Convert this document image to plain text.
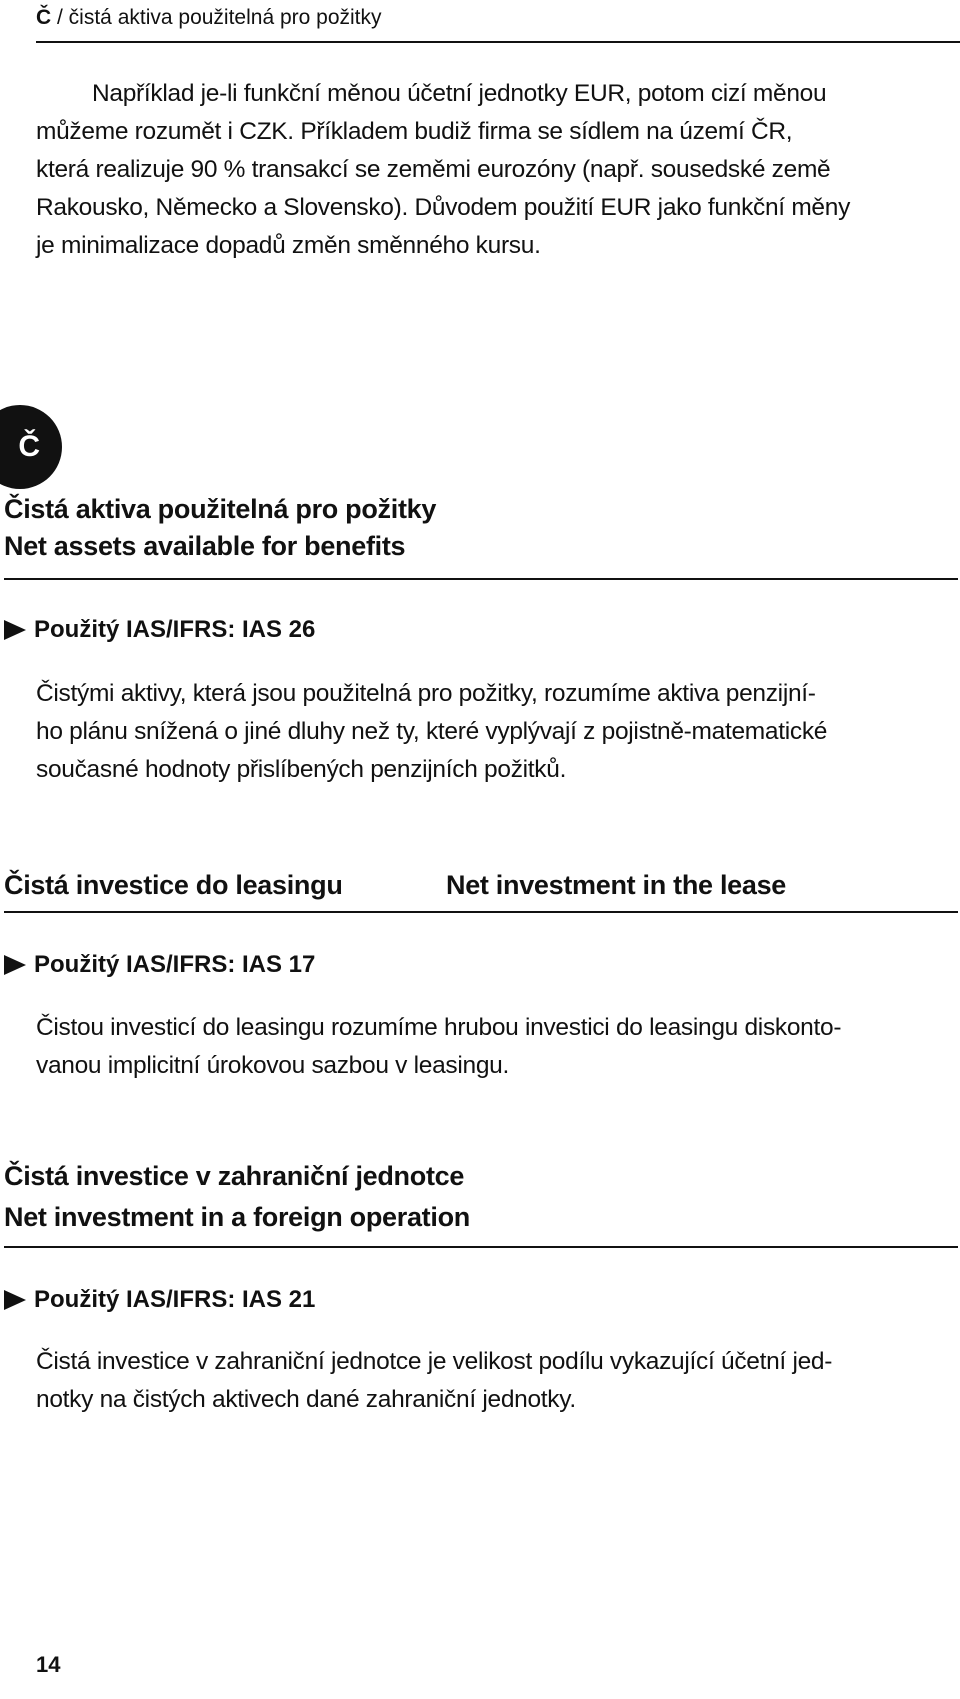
Č / čistá aktiva použitelná pro požitky
Například je-li funkční měnou účetní jednotky EUR, potom cizí měnou
můžeme rozumět i CZK. Příkladem budiž firma se sídlem na území ČR,
která realizuje 90 % transakcí se zeměmi eurozóny (např. sousedské země
Rakousko, Německo a Slovensko). Důvodem použití EUR jako funkční měny
je minimalizace dopadů změn směnného kursu.
Č
Čistá aktiva použitelná pro požitky
Net assets available for benefits
Použitý IAS/IFRS: IAS 26
Čistými aktivy, která jsou použitelná pro požitky, rozumíme aktiva penzijní-
ho plánu snížená o jiné dluhy než ty, které vyplývají z pojistně-matematické
současné hodnoty přislíbených penzijních požitků.
Čistá investice do leasingu	Net investment in the lease
Použitý IAS/IFRS: IAS 17
Čistou investicí do leasingu rozumíme hrubou investici do leasingu diskonto-
vanou implicitní úrokovou sazbou v leasingu.
Čistá investice v zahraniční jednotce
Net investment in a foreign operation
Použitý IAS/IFRS: IAS 21
Čistá investice v zahraniční jednotce je velikost podílu vykazující účetní jed-
notky na čistých aktivech dané zahraniční jednotky.
14
